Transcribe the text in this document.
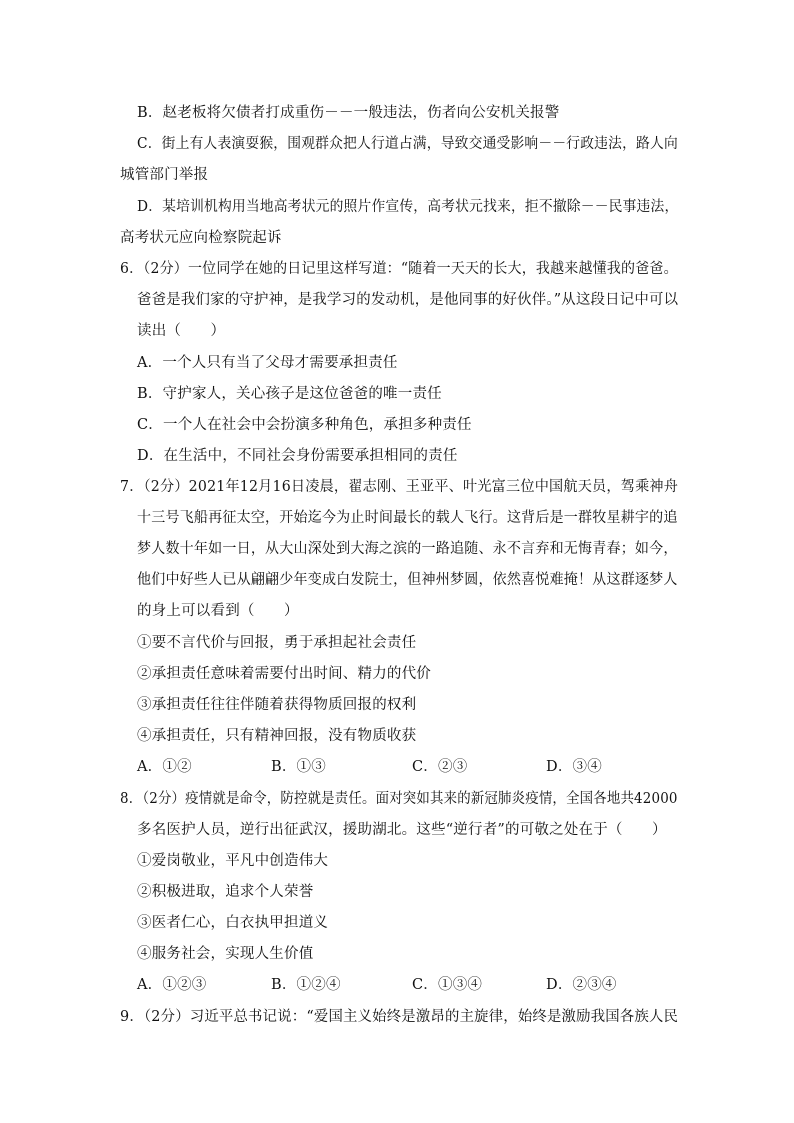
B．赵老板将欠债者打成重伤－－一般违法，伤者向公安机关报警
C．街上有人表演耍猴，围观群众把人行道占满，导致交通受影响－－行政违法，路人向
城管部门举报
D．某培训机构用当地高考状元的照片作宣传，高考状元找来，拒不撤除－－民事违法，
高考状元应向检察院起诉
6．（2分）一位同学在她的日记里这样写道：“随着一天天的长大，我越来越懂我的爸爸。
爸爸是我们家的守护神，是我学习的发动机，是他同事的好伙伴。”从这段日记中可以
读出（　　）
A．一个人只有当了父母才需要承担责任
B．守护家人，关心孩子是这位爸爸的唯一责任
C．一个人在社会中会扮演多种角色，承担多种责任
D．在生活中，不同社会身份需要承担相同的责任
7．（2分）2021年12月16日凌晨，翟志刚、王亚平、叶光富三位中国航天员，驾乘神舟
十三号飞船再征太空，开始迄今为止时间最长的载人飞行。这背后是一群牧星耕宇的追
梦人数十年如一日，从大山深处到大海之滨的一路追随、永不言弃和无悔青春；如今，
他们中好些人已从翩翩少年变成白发院士，但神州梦圆，依然喜悦难掩！从这群逐梦人
的身上可以看到（　　）
①要不言代价与回报，勇于承担起社会责任
②承担责任意味着需要付出时间、精力的代价
③承担责任往往伴随着获得物质回报的权利
④承担责任，只有精神回报，没有物质收获
A．①②	B．①③	C．②③	D．③④
8．（2分）疫情就是命令，防控就是责任。面对突如其来的新冠肺炎疫情，全国各地共42000
多名医护人员，逆行出征武汉，援助湖北。这些“逆行者”的可敬之处在于（　　）
①爱岗敬业，平凡中创造伟大
②积极进取，追求个人荣誉
③医者仁心，白衣执甲担道义
④服务社会，实现人生价值
A．①②③	B．①②④	C．①③④	D．②③④
9．（2分）习近平总书记说：“爱国主义始终是激昂的主旋律，始终是激励我国各族人民
